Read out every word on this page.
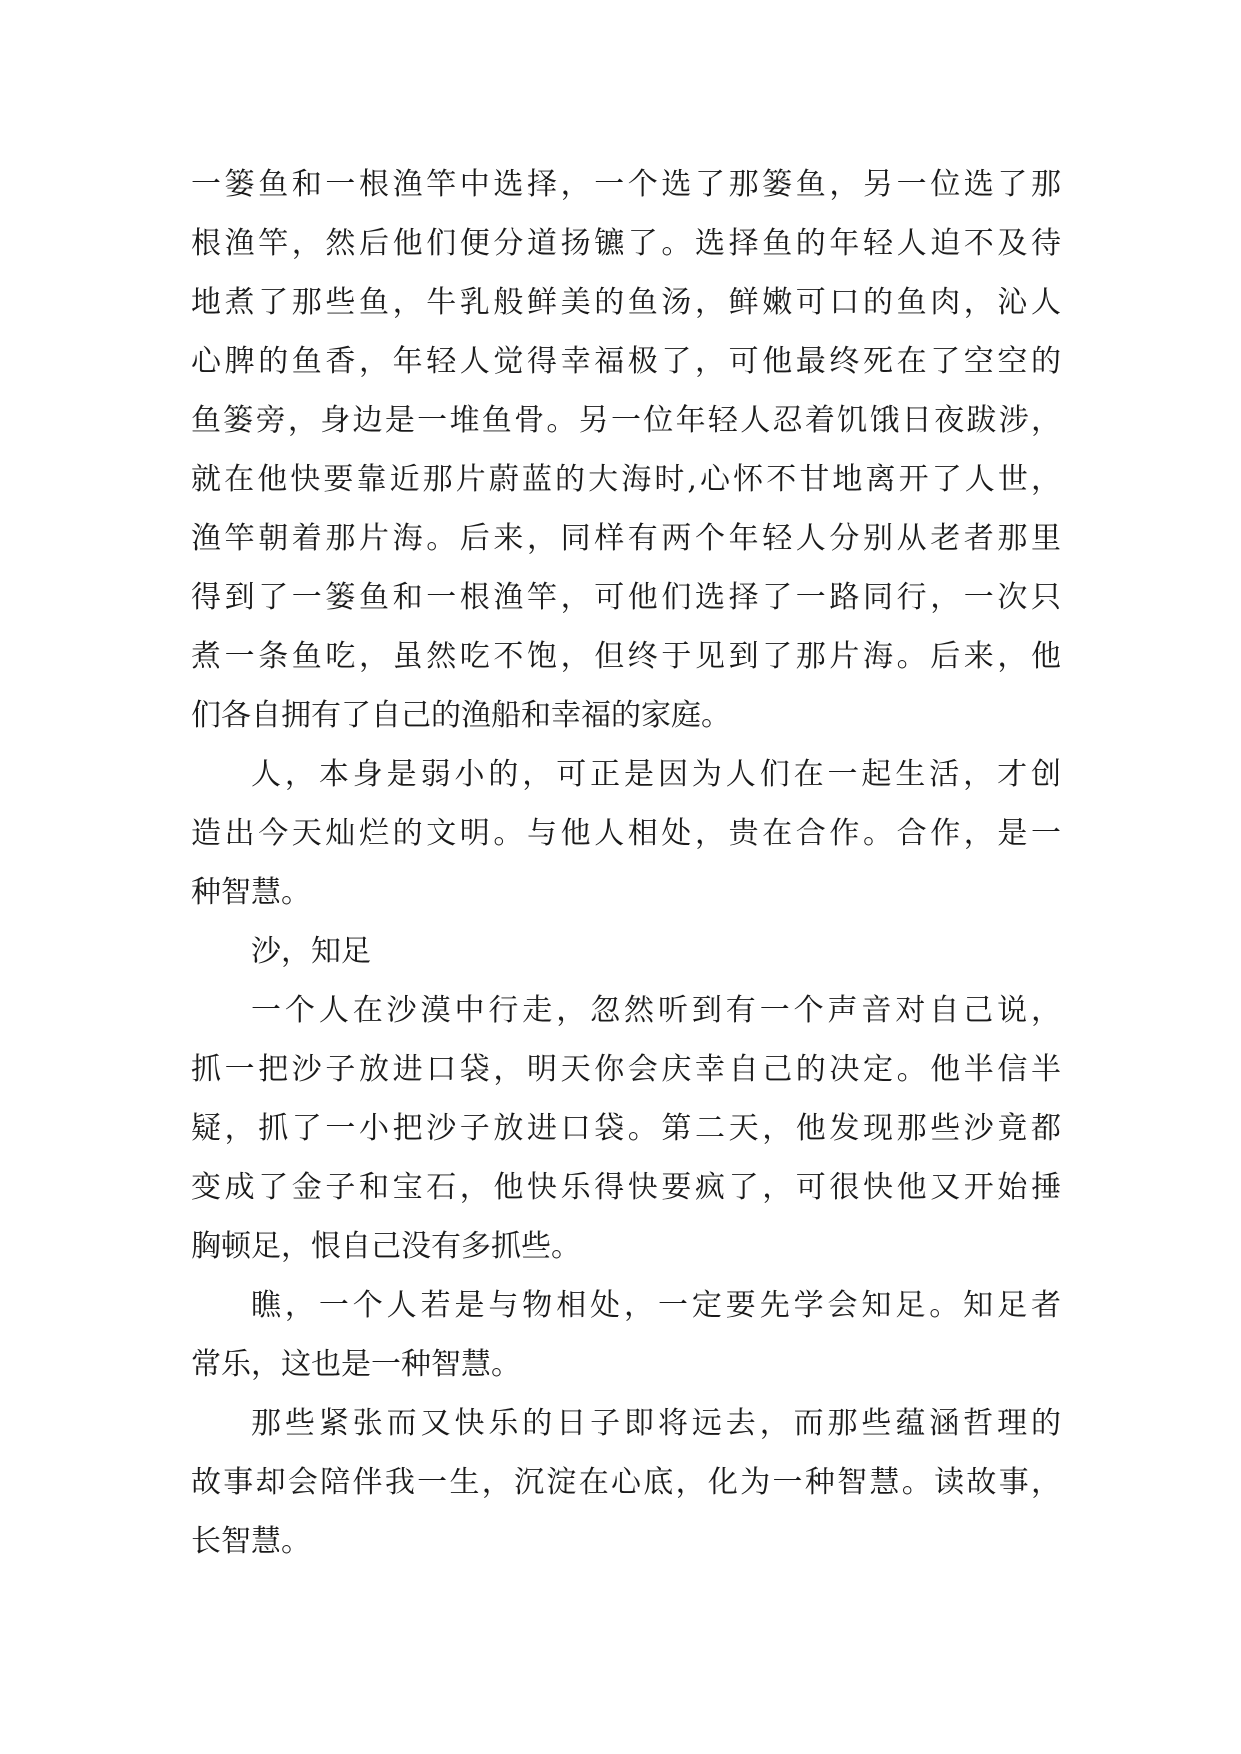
一篓鱼和一根渔竿中选择，一个选了那篓鱼，另一位选了那
根渔竿，然后他们便分道扬镳了。选择鱼的年轻人迫不及待
地煮了那些鱼，牛乳般鲜美的鱼汤，鲜嫩可口的鱼肉，沁人
心脾的鱼香，年轻人觉得幸福极了，可他最终死在了空空的
鱼篓旁，身边是一堆鱼骨。另一位年轻人忍着饥饿日夜跋涉，
就在他快要靠近那片蔚蓝的大海时,心怀不甘地离开了人世，
渔竿朝着那片海。后来，同样有两个年轻人分别从老者那里
得到了一篓鱼和一根渔竿，可他们选择了一路同行，一次只
煮一条鱼吃，虽然吃不饱，但终于见到了那片海。后来，他
们各自拥有了自己的渔船和幸福的家庭。
人，本身是弱小的，可正是因为人们在一起生活，才创
造出今天灿烂的文明。与他人相处，贵在合作。合作，是一
种智慧。
沙，知足
一个人在沙漠中行走，忽然听到有一个声音对自己说，
抓一把沙子放进口袋，明天你会庆幸自己的决定。他半信半
疑，抓了一小把沙子放进口袋。第二天，他发现那些沙竟都
变成了金子和宝石，他快乐得快要疯了，可很快他又开始捶
胸顿足，恨自己没有多抓些。
瞧，一个人若是与物相处，一定要先学会知足。知足者
常乐，这也是一种智慧。
那些紧张而又快乐的日子即将远去，而那些蕴涵哲理的
故事却会陪伴我一生，沉淀在心底，化为一种智慧。读故事，
长智慧。
